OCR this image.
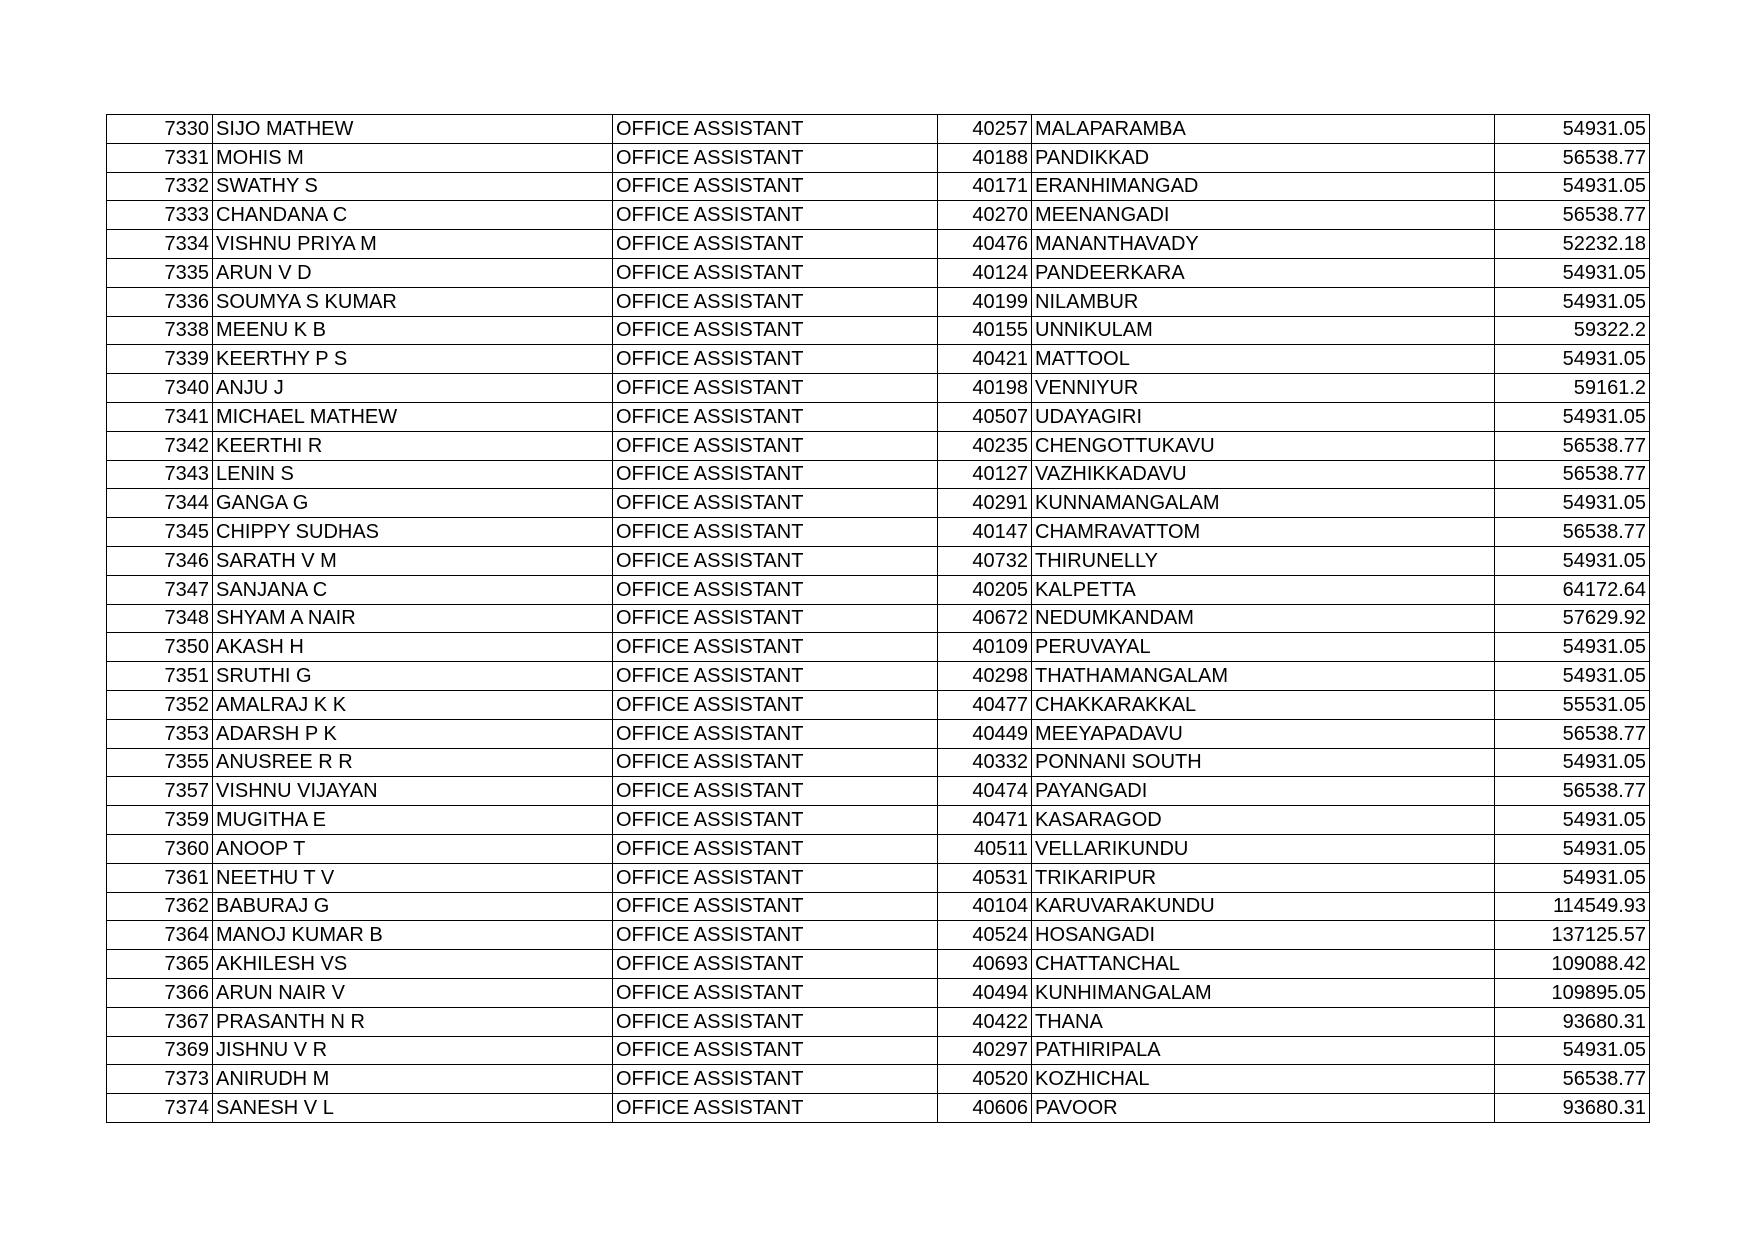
7330	SIJO MATHEW	OFFICE ASSISTANT	40257	MALAPARAMBA	54931.05
7331	MOHIS M	OFFICE ASSISTANT	40188	PANDIKKAD	56538.77
7332	SWATHY S	OFFICE ASSISTANT	40171	ERANHIMANGAD	54931.05
7333	CHANDANA C	OFFICE ASSISTANT	40270	MEENANGADI	56538.77
7334	VISHNU PRIYA M	OFFICE ASSISTANT	40476	MANANTHAVADY	52232.18
7335	ARUN V D	OFFICE ASSISTANT	40124	PANDEERKARA	54931.05
7336	SOUMYA S KUMAR	OFFICE ASSISTANT	40199	NILAMBUR	54931.05
7338	MEENU K B	OFFICE ASSISTANT	40155	UNNIKULAM	59322.2
7339	KEERTHY P S	OFFICE ASSISTANT	40421	MATTOOL	54931.05
7340	ANJU J	OFFICE ASSISTANT	40198	VENNIYUR	59161.2
7341	MICHAEL MATHEW	OFFICE ASSISTANT	40507	UDAYAGIRI	54931.05
7342	KEERTHI R	OFFICE ASSISTANT	40235	CHENGOTTUKAVU	56538.77
7343	LENIN S	OFFICE ASSISTANT	40127	VAZHIKKADAVU	56538.77
7344	GANGA G	OFFICE ASSISTANT	40291	KUNNAMANGALAM	54931.05
7345	CHIPPY SUDHAS	OFFICE ASSISTANT	40147	CHAMRAVATTOM	56538.77
7346	SARATH V M	OFFICE ASSISTANT	40732	THIRUNELLY	54931.05
7347	SANJANA C	OFFICE ASSISTANT	40205	KALPETTA	64172.64
7348	SHYAM A NAIR	OFFICE ASSISTANT	40672	NEDUMKANDAM	57629.92
7350	AKASH H	OFFICE ASSISTANT	40109	PERUVAYAL	54931.05
7351	SRUTHI G	OFFICE ASSISTANT	40298	THATHAMANGALAM	54931.05
7352	AMALRAJ K K	OFFICE ASSISTANT	40477	CHAKKARAKKAL	55531.05
7353	ADARSH P K	OFFICE ASSISTANT	40449	MEEYAPADAVU	56538.77
7355	ANUSREE R R	OFFICE ASSISTANT	40332	PONNANI SOUTH	54931.05
7357	VISHNU VIJAYAN	OFFICE ASSISTANT	40474	PAYANGADI	56538.77
7359	MUGITHA E	OFFICE ASSISTANT	40471	KASARAGOD	54931.05
7360	ANOOP T	OFFICE ASSISTANT	40511	VELLARIKUNDU	54931.05
7361	NEETHU T V	OFFICE ASSISTANT	40531	TRIKARIPUR	54931.05
7362	BABURAJ G	OFFICE ASSISTANT	40104	KARUVARAKUNDU	114549.93
7364	MANOJ KUMAR B	OFFICE ASSISTANT	40524	HOSANGADI	137125.57
7365	AKHILESH VS	OFFICE ASSISTANT	40693	CHATTANCHAL	109088.42
7366	ARUN NAIR V	OFFICE ASSISTANT	40494	KUNHIMANGALAM	109895.05
7367	PRASANTH N R	OFFICE ASSISTANT	40422	THANA	93680.31
7369	JISHNU V R	OFFICE ASSISTANT	40297	PATHIRIPALA	54931.05
7373	ANIRUDH M	OFFICE ASSISTANT	40520	KOZHICHAL	56538.77
7374	SANESH V L	OFFICE ASSISTANT	40606	PAVOOR	93680.31
